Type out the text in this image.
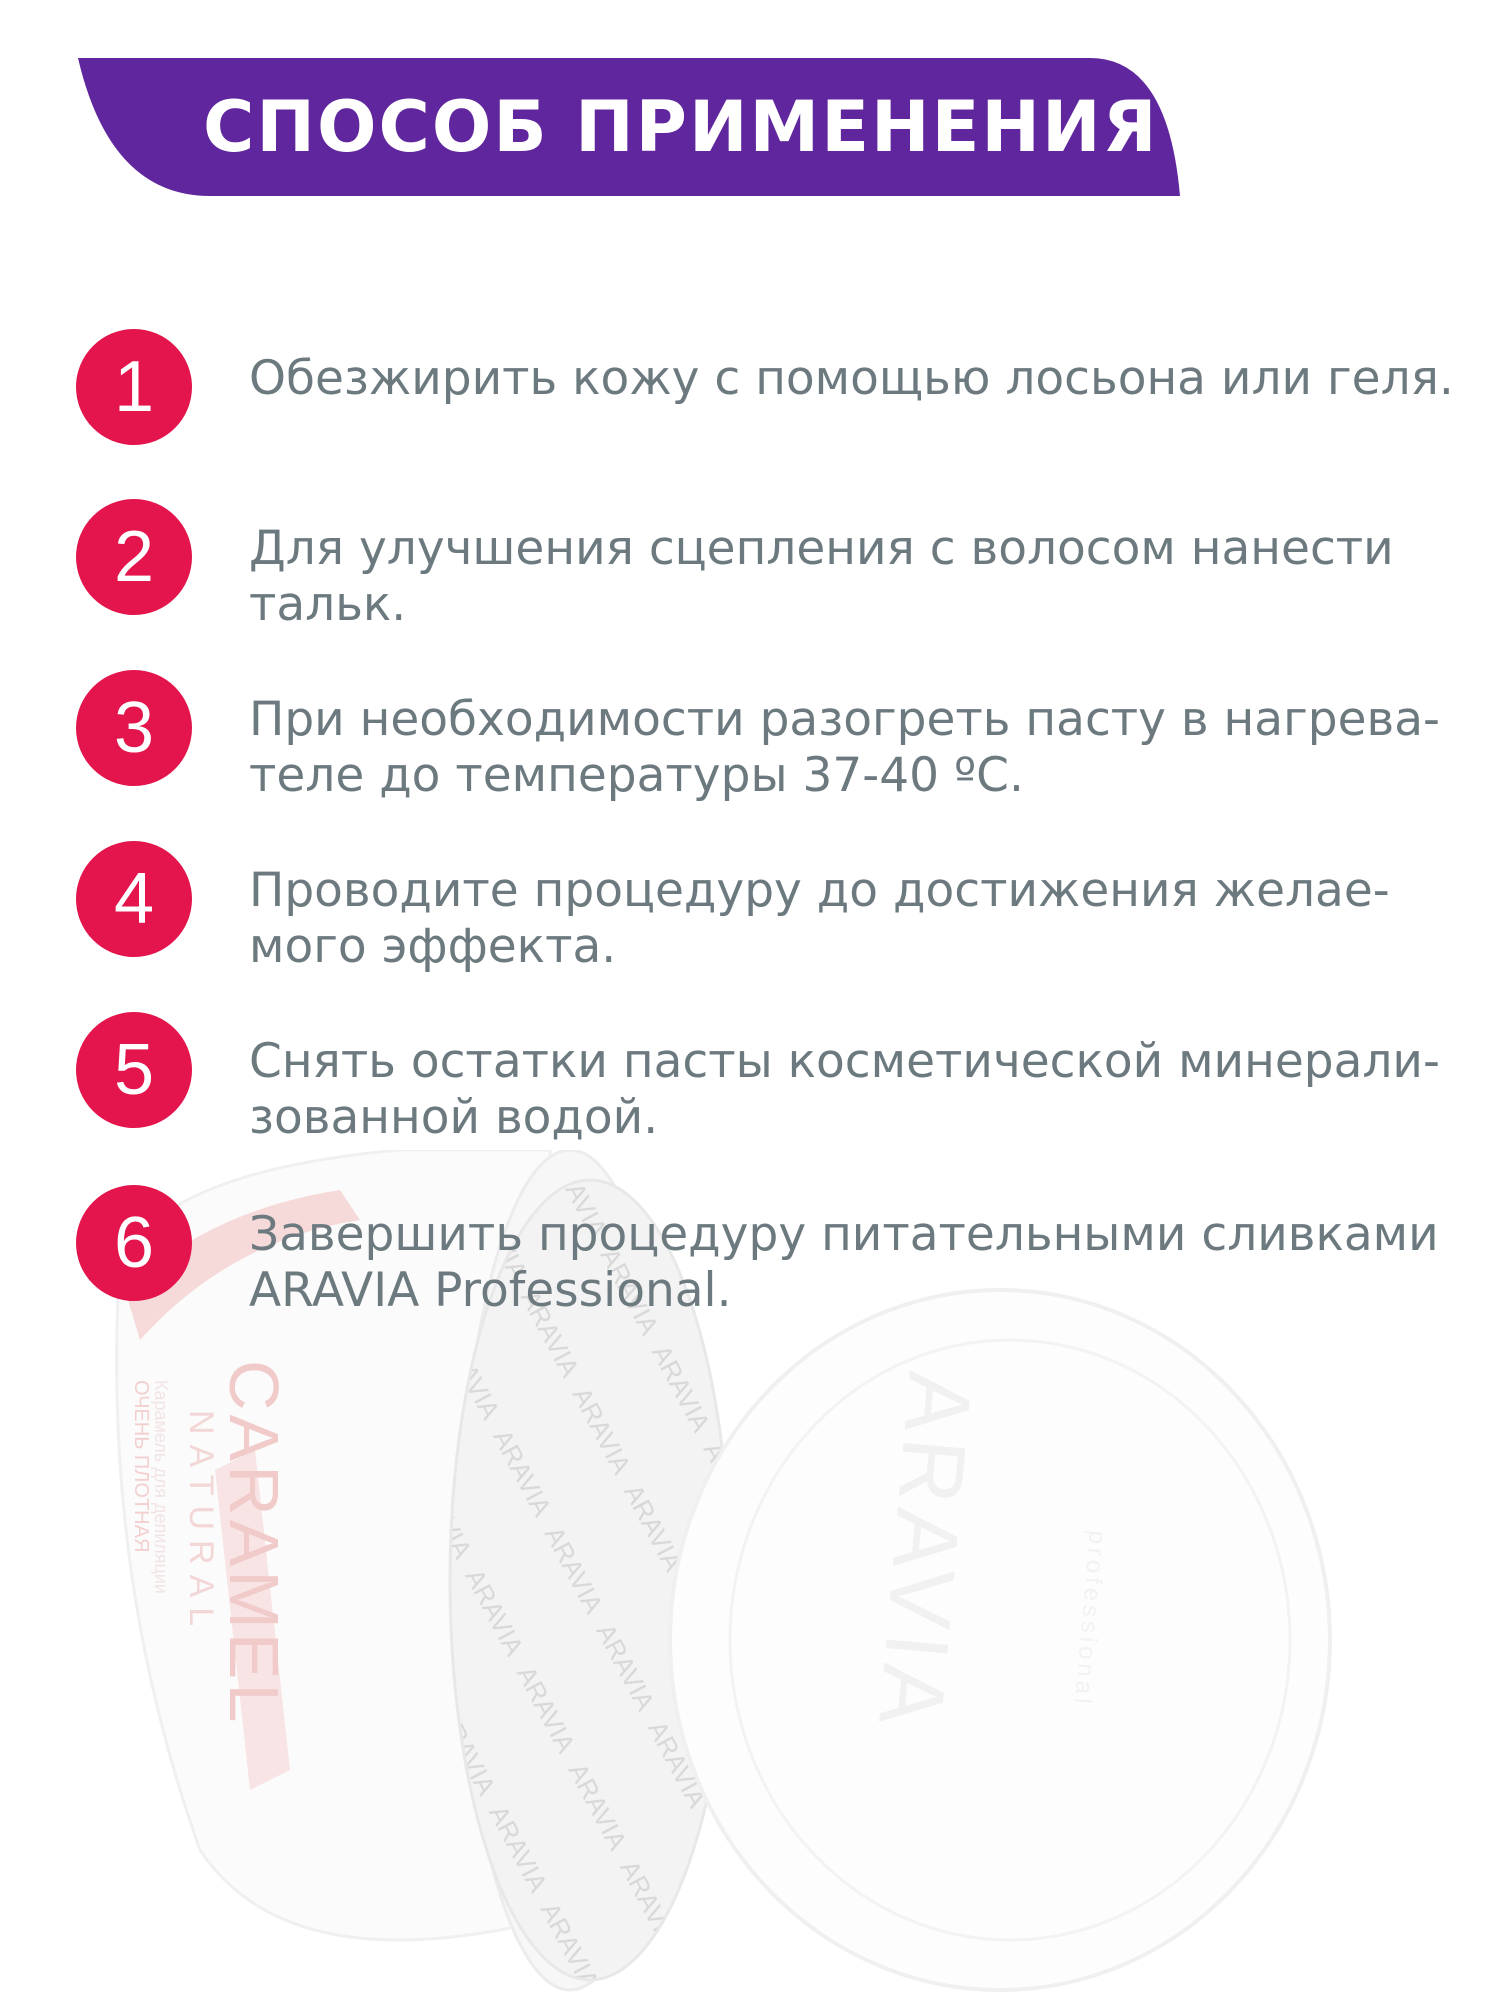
СПОСОБ ПРИМЕНЕНИЯ
CARAMEL
NATURAL
Карамель для депиляции
ОЧЕНЬ ПЛОТНАЯ	ARAVIA	professional
1 Обезжирить кожу с помощью лосьона или геля.
2 Для улучшения сцепления с волосом нанести тальк.
3 При необходимости разогреть пасту в нагрева-теле до температуры 37-40 ºС.
4 Проводите процедуру до достижения желае-мого эффекта.
5 Снять остатки пасты косметической минерали-зованной водой.
6 Завершить процедуру питательными сливками ARAVIA Professional.
